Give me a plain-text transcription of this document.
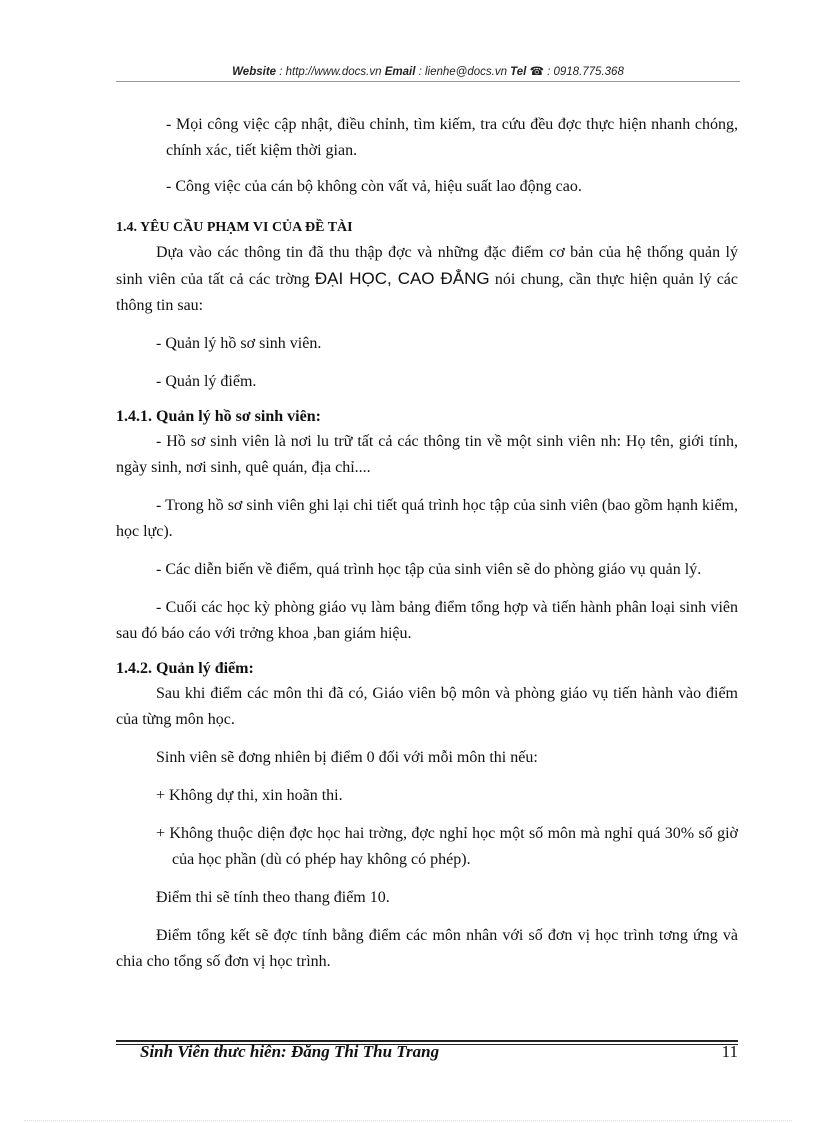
Website : http://www.docs.vn Email : lienhe@docs.vn Tel ☎ : 0918.775.368

- Mọi công việc cập nhật, điều chỉnh, tìm kiếm, tra cứu đều đợc thực hiện nhanh chóng, chính xác, tiết kiệm thời gian.

- Công việc của cán bộ không còn vất vả, hiệu suất lao động cao.

1.4. YÊU CẦU PHẠM VI CỦA ĐỀ TÀI

Dựa vào các thông tin đã thu thập đợc và những đặc điểm cơ bản của hệ thống quản lý sinh viên của tất cả các trờng ĐẠI HỌC, CAO ĐẲNG nói chung, cần thực hiện quản lý các thông tin sau:

- Quản lý hồ sơ sinh viên.

- Quản lý điểm.

1.4.1. Quản lý hồ sơ sinh viên:

- Hồ sơ sinh viên là nơi lu trữ tất cả các thông tin về một sinh viên nh: Họ tên, giới tính, ngày sinh, nơi sinh, quê quán, địa chỉ....

- Trong hồ sơ sinh viên ghi lại chi tiết quá trình học tập của sinh viên (bao gồm hạnh kiểm, học lực).

- Các diễn biến về điểm, quá trình học tập của sinh viên sẽ do phòng giáo vụ quản lý.

- Cuối các học kỳ phòng giáo vụ làm bảng điểm tổng hợp và tiến hành phân loại sinh viên sau đó báo cáo với trởng khoa ,ban giám hiệu.

1.4.2. Quản lý điểm:

Sau khi điểm các môn thi đã có, Giáo viên bộ môn và phòng giáo vụ tiến hành vào điểm của từng môn học.

Sinh viên sẽ đơng nhiên bị điểm 0 đối với mỗi môn thi nếu:

+ Không dự thi, xin hoãn thi.

+ Không thuộc diện đợc học hai trờng, đợc nghỉ học một số môn mà nghỉ quá 30% số giờ của học phần (dù có phép hay không có phép).

Điểm thi sẽ tính theo thang điểm 10.

Điểm tổng kết sẽ đợc tính bằng điểm các môn nhân với số đơn vị học trình tơng ứng và chia cho tổng số đơn vị học trình.

Sinh Viên thưc hiên: Đăng Thi Thu Trang	11
